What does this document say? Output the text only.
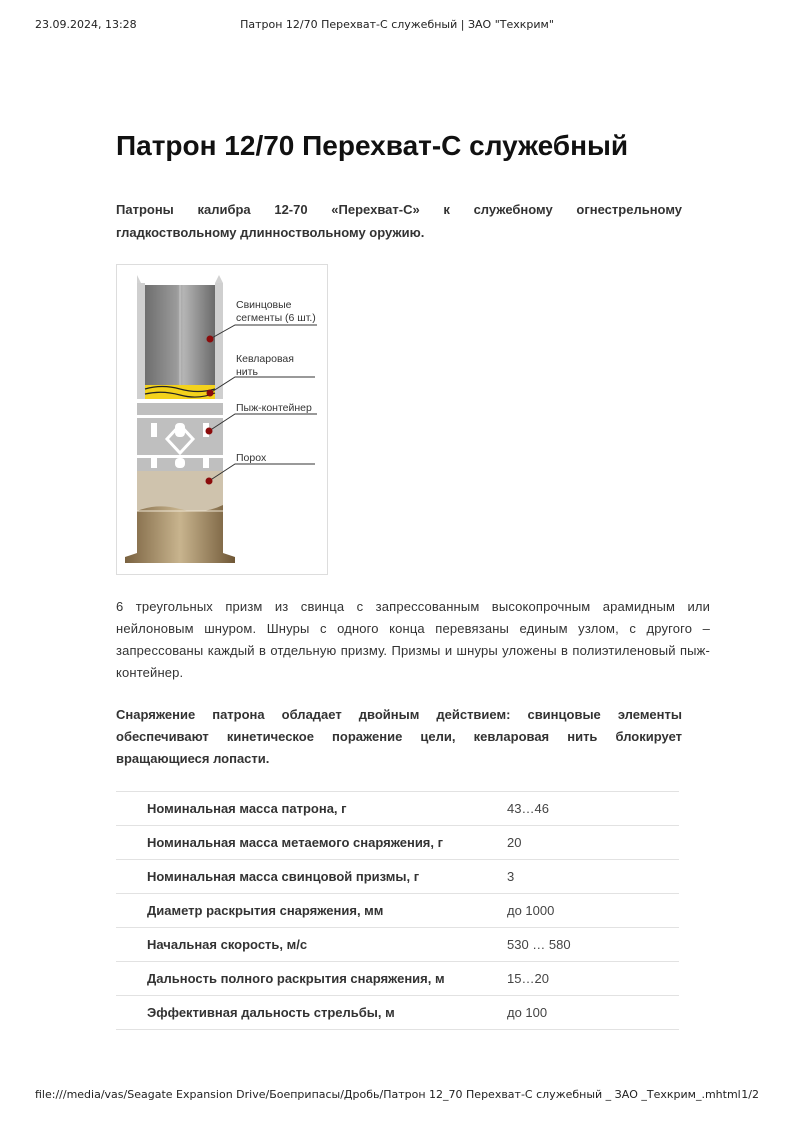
23.09.2024, 13:28	Патрон 12/70 Перехват-С служебный | ЗАО "Техкрим"
Патрон 12/70 Перехват-С служебный

Патроны калибра 12-70 «Перехват-С» к служебному огнестрельному гладкоствольному длинноствольному оружию.

Свинцовые
сегменты (6 шт.)
Кевларовая
нить
Пыж-контейнер
Порох

6 треугольных призм из свинца с запрессованным высокопрочным арамидным или нейлоновым шнуром. Шнуры с одного конца перевязаны единым узлом, с другого – запрессованы каждый в отдельную призму. Призмы и шнуры уложены в полиэтиленовый пыж- контейнер.

Снаряжение патрона обладает двойным действием: свинцовые элементы обеспечивают кинетическое поражение цели, кевларовая нить блокирует вращающиеся лопасти.

Номинальная масса патрона, г	43…46
Номинальная масса метаемого снаряжения, г	20
Номинальная масса свинцовой призмы, г	3
Диаметр раскрытия снаряжения, мм	до 1000
Начальная скорость, м/с	530 … 580
Дальность полного раскрытия снаряжения, м	15…20
Эффективная дальность стрельбы, м	до 100
file:///media/vas/Seagate Expansion Drive/Боеприпасы/Дробь/Патрон 12_70 Перехват-С служебный _ ЗАО _Техкрим_.mhtml 1/2
